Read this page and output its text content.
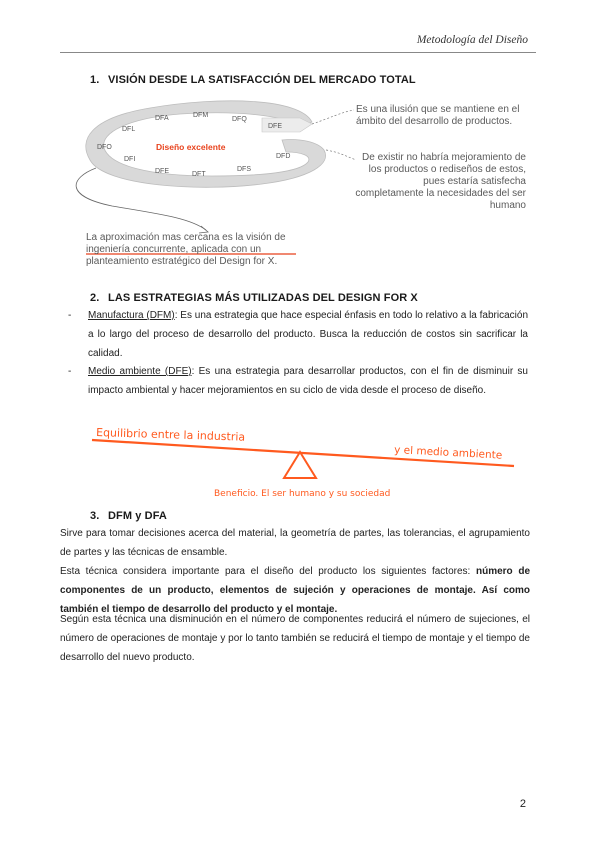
Metodología del Diseño
1. VISIÓN DESDE LA SATISFACCIÓN DEL MERCADO TOTAL
Diseño excelente
DFA	DFM
DFQ
DFE
DFL
DFO
DFI
DFE	DFT
DFS
DFD
Equilibrio entre la industria
y el medio ambiente
Beneficio. El ser humano y su sociedad
Es una ilusión que se mantiene en el ámbito del desarrollo de productos.
De existir no habría mejoramiento de los productos o rediseños de estos, pues estaría satisfecha completamente la necesidades del ser humano
La aproximación mas cercana es la visión de ingeniería concurrente, aplicada con un planteamiento estratégico del Design for X.
2. LAS ESTRATEGIAS MÁS UTILIZADAS DEL DESIGN FOR X
- Manufactura (DFM): Es una estrategia que hace especial énfasis en todo lo relativo a la fabricación a lo largo del proceso de desarrollo del producto. Busca la reducción de costos sin sacrificar la calidad.
- Medio ambiente (DFE): Es una estrategia para desarrollar productos, con el fin de disminuir su impacto ambiental y hacer mejoramientos en su ciclo de vida desde el proceso de diseño.
3. DFM y DFA
Sirve para tomar decisiones acerca del material, la geometría de partes, las tolerancias, el agrupamiento de partes y las técnicas de ensamble.
Esta técnica considera importante para el diseño del producto los siguientes factores: número de componentes de un producto, elementos de sujeción y operaciones de montaje. Así como también el tiempo de desarrollo del producto y el montaje.
Según esta técnica una disminución en el número de componentes reducirá el número de sujeciones, el número de operaciones de montaje y por lo tanto también se reducirá el tiempo de montaje y el tiempo de desarrollo del nuevo producto.
2
